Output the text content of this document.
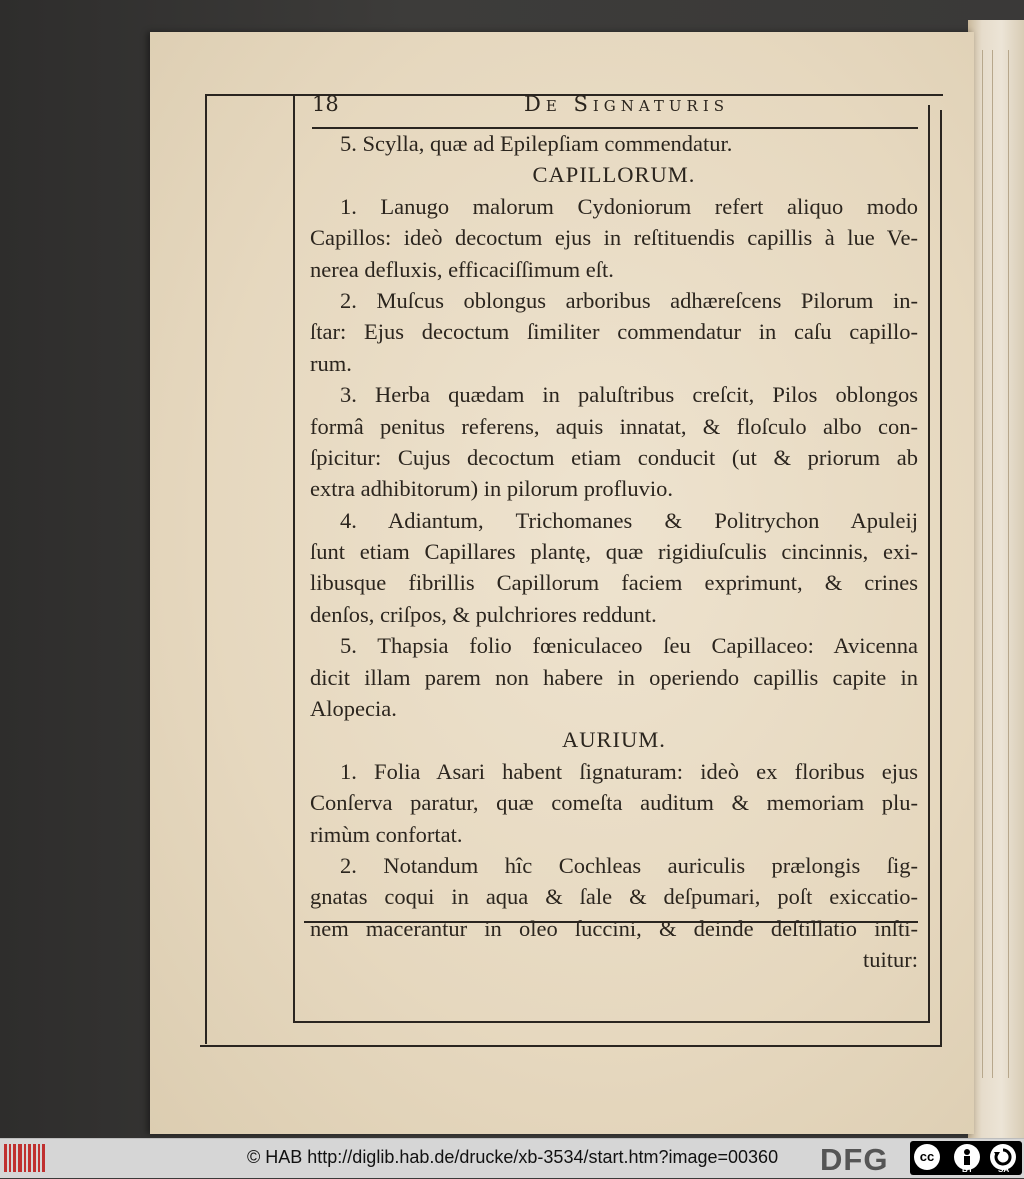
18	De Signaturis
5. Scylla, quæ ad Epilepſiam commendatur.
CAPILLORUM.
1. Lanugo malorum Cydoniorum refert aliquo modo
Capillos: ideò decoctum ejus in reſtituendis capillis à lue Ve-
nerea defluxis, efficaciſſimum eſt.
2. Muſcus oblongus arboribus adhæreſcens Pilorum in-
ſtar: Ejus decoctum ſimiliter commendatur in caſu capillo-
rum.
3. Herba quædam in paluſtribus creſcit, Pilos oblongos
formâ penitus referens, aquis innatat, & floſculo albo con-
ſpicitur: Cujus decoctum etiam conducit (ut & priorum ab
extra adhibitorum) in pilorum profluvio.
4. Adiantum, Trichomanes & Politrychon Apuleij
ſunt etiam Capillares plantę, quæ rigidiuſculis cincinnis, exi-
libusque fibrillis Capillorum faciem exprimunt, & crines
denſos, criſpos, & pulchriores reddunt.
5. Thapsia folio fœniculaceo ſeu Capillaceo: Avicenna
dicit illam parem non habere in operiendo capillis capite in
Alopecia.
AURIUM.
1. Folia Asari habent ſignaturam: ideò ex floribus ejus
Conſerva paratur, quæ comeſta auditum & memoriam plu-
rimùm confortat.
2. Notandum hîc Cochleas auriculis prælongis ſig-
gnatas coqui in aqua & ſale & deſpumari, poſt exiccatio-
nem macerantur in oleo ſuccini, & deinde deſtillatio inſti-
tuitur:
© HAB http://diglib.hab.de/drucke/xb-3534/start.htm?image=00360 DFG	cc
BY	SA
